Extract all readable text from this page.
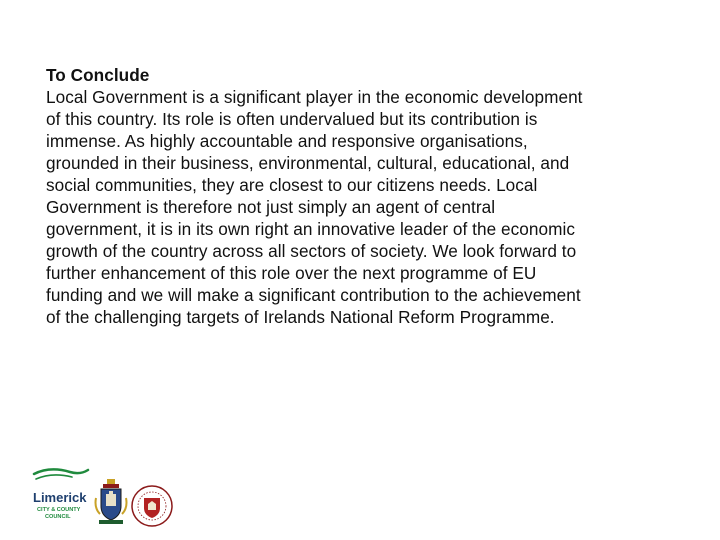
To Conclude
Local Government is a significant player in the economic development
of this country. Its role is often undervalued but its contribution is
immense. As highly accountable and responsive organisations,
grounded in their business, environmental, cultural, educational, and
social communities, they are closest to our citizens needs. Local
Government is therefore not just simply an agent of central
government, it is in its own right an innovative leader of the economic
growth of the country across all sectors of society. We look forward to
further enhancement of this role over the next programme of EU
funding and we will make a significant contribution to the achievement
of the challenging targets of Irelands National Reform Programme.
Limerick
CITY & COUNTY
COUNCIL
